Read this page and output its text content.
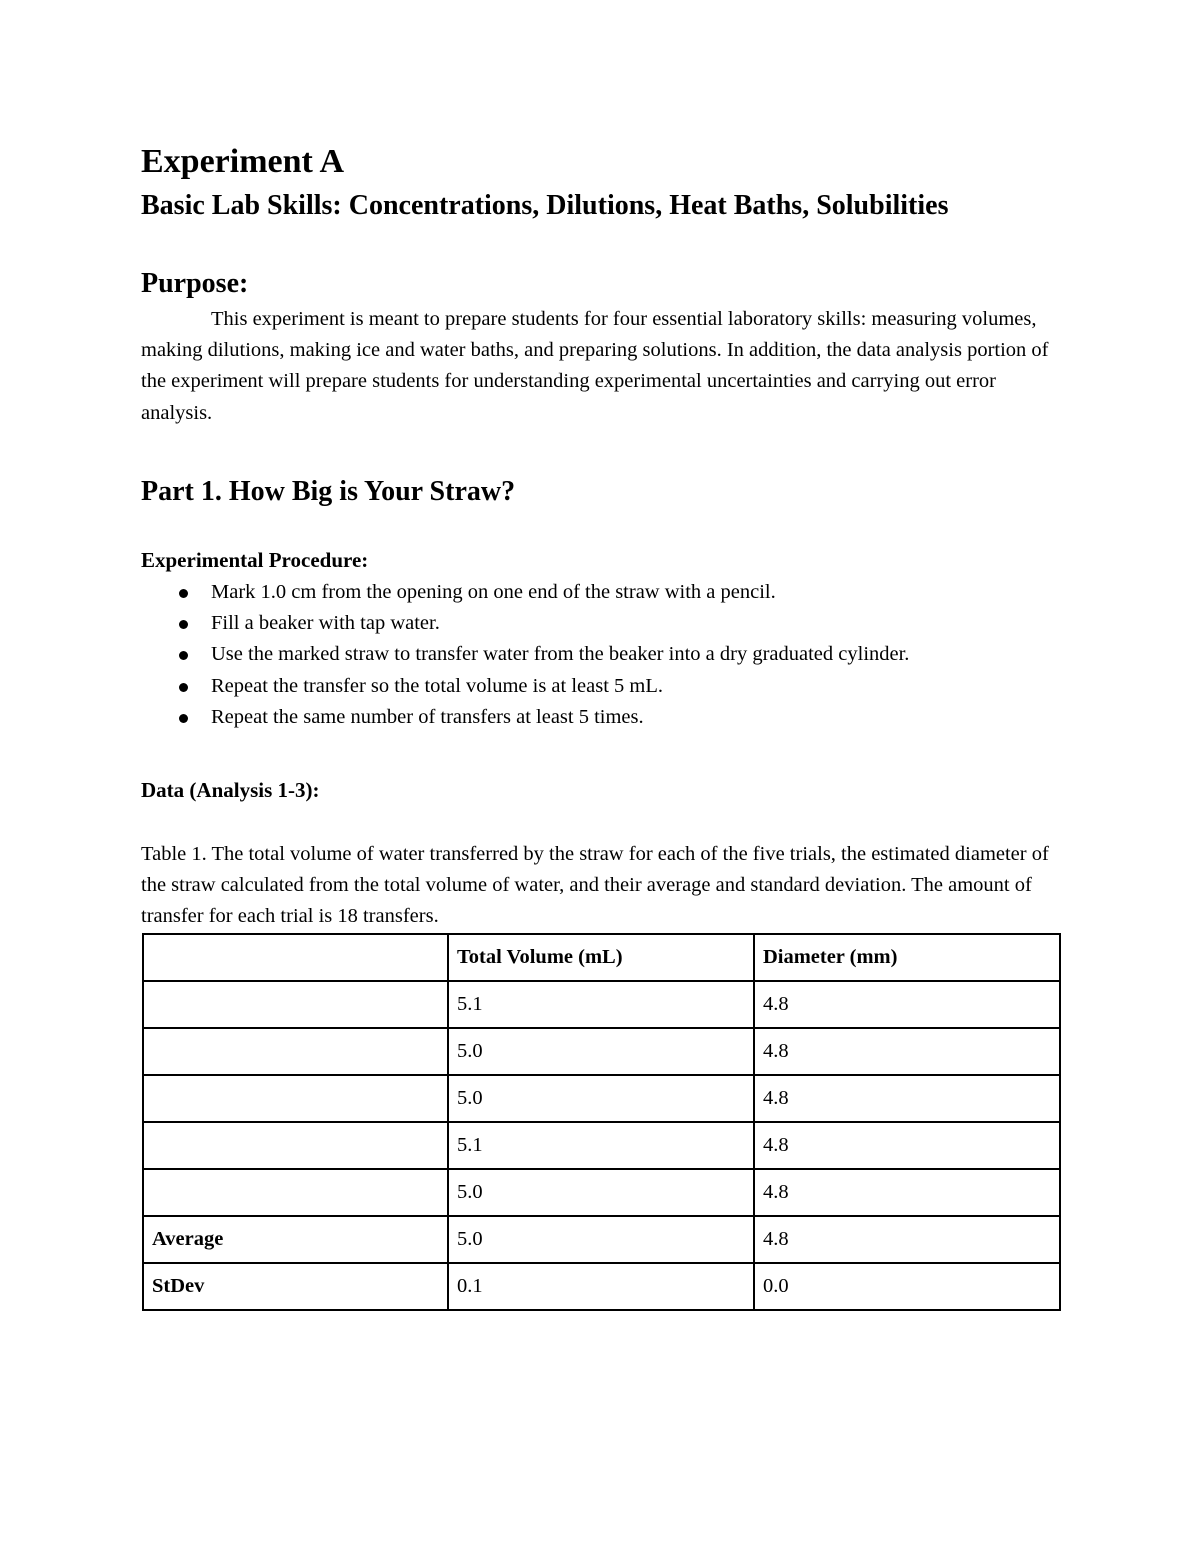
Experiment A
Basic Lab Skills: Concentrations, Dilutions, Heat Baths, Solubilities
Purpose:

This experiment is meant to prepare students for four essential laboratory skills: measuring volumes, making dilutions, making ice and water baths, and preparing solutions. In addition, the data analysis portion of the experiment will prepare students for understanding experimental uncertainties and carrying out error analysis.

Part 1. How Big is Your Straw?
Experimental Procedure:
Mark 1.0 cm from the opening on one end of the straw with a pencil.
Fill a beaker with tap water.
Use the marked straw to transfer water from the beaker into a dry graduated cylinder.
Repeat the transfer so the total volume is at least 5 mL.
Repeat the same number of transfers at least 5 times.
Data (Analysis 1-3):

Table 1. The total volume of water transferred by the straw for each of the five trials, the estimated diameter of the straw calculated from the total volume of water, and their average and standard deviation. The amount of transfer for each trial is 18 transfers.

	Total Volume (mL)	Diameter (mm)
	5.1	4.8
	5.0	4.8
	5.0	4.8
	5.1	4.8
	5.0	4.8
Average	5.0	4.8
StDev	0.1	0.0
